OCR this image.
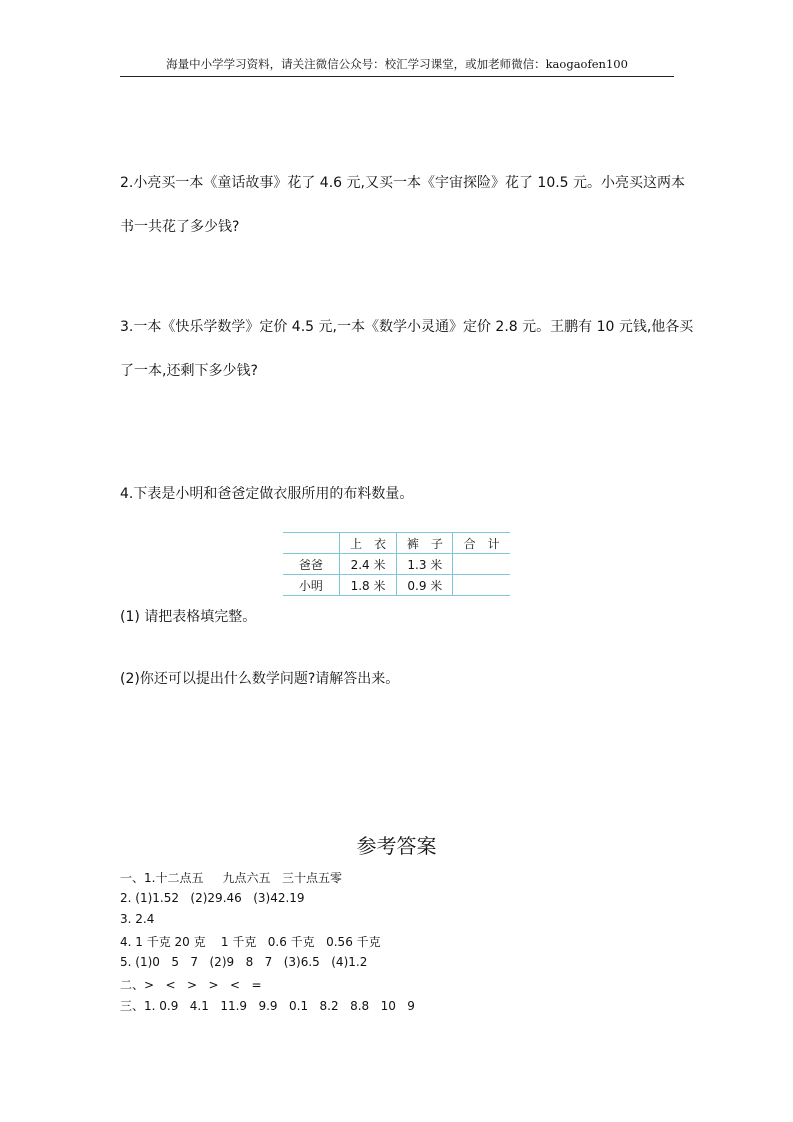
海量中小学学习资料，请关注微信公众号：校汇学习课堂，或加老师微信：kaogaofen100
2.小亮买一本《童话故事》花了 4.6 元,又买一本《宇宙探险》花了 10.5 元。小亮买这两本
书一共花了多少钱?
3.一本《快乐学数学》定价 4.5 元,一本《数学小灵通》定价 2.8 元。王鹏有 10 元钱,他各买
了一本,还剩下多少钱?
4.下表是小明和爸爸定做衣服所用的布料数量。
	上　衣	裤　子	合　计
爸爸	2.4 米	1.3 米	
小明	1.8 米	0.9 米	
(1) 请把表格填完整。
(2)你还可以提出什么数学问题?请解答出来。
参考答案
一、1.十二点五     九点六五   三十点五零
2. (1)1.52   (2)29.46   (3)42.19
3. 2.4
4. 1 千克 20 克    1 千克   0.6 千克   0.56 千克
5. (1)0   5   7   (2)9   8   7   (3)6.5   (4)1.2
二、>   <   >   >   <   =
三、1. 0.9   4.1   11.9   9.9   0.1   8.2   8.8   10   9
